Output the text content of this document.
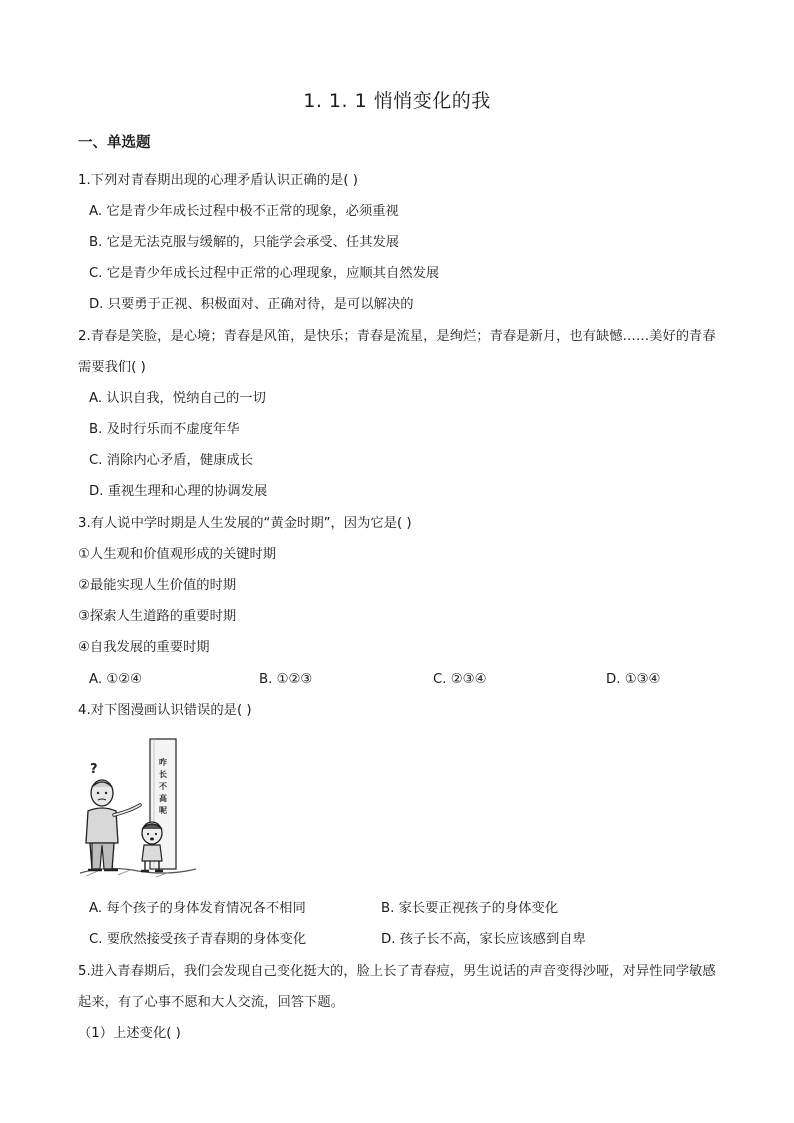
1. 1. 1 悄悄变化的我
一、单选题
1.下列对青春期出现的心理矛盾认识正确的是( )
A. 它是青少年成长过程中极不正常的现象，必须重视
B. 它是无法克服与缓解的，只能学会承受、任其发展
C. 它是青少年成长过程中正常的心理现象，应顺其自然发展
D. 只要勇于正视、积极面对、正确对待，是可以解决的
2.青春是笑脸，是心境；青春是风笛，是快乐；青春是流星，是绚烂；青春是新月，也有缺憾……美好的青春需要我们( )
A. 认识自我，悦纳自己的一切
B. 及时行乐而不虚度年华
C. 消除内心矛盾，健康成长
D. 重视生理和心理的协调发展
3.有人说中学时期是人生发展的“黄金时期”，因为它是( )
①人生观和价值观形成的关键时期
②最能实现人生价值的时期
③探索人生道路的重要时期
④自我发展的重要时期
A. ①②④	B. ①②③	C. ②③④	D. ①③④
4.对下图漫画认识错误的是( )
咋
长
不
高
呢
?
A. 每个孩子的身体发育情况各不相同	B. 家长要正视孩子的身体变化
C. 要欣然接受孩子青春期的身体变化	D. 孩子长不高，家长应该感到自卑
5.进入青春期后，我们会发现自己变化挺大的，脸上长了青春痘，男生说话的声音变得沙哑，对异性同学敏感起来，有了心事不愿和大人交流，回答下题。
（1）上述变化( )
